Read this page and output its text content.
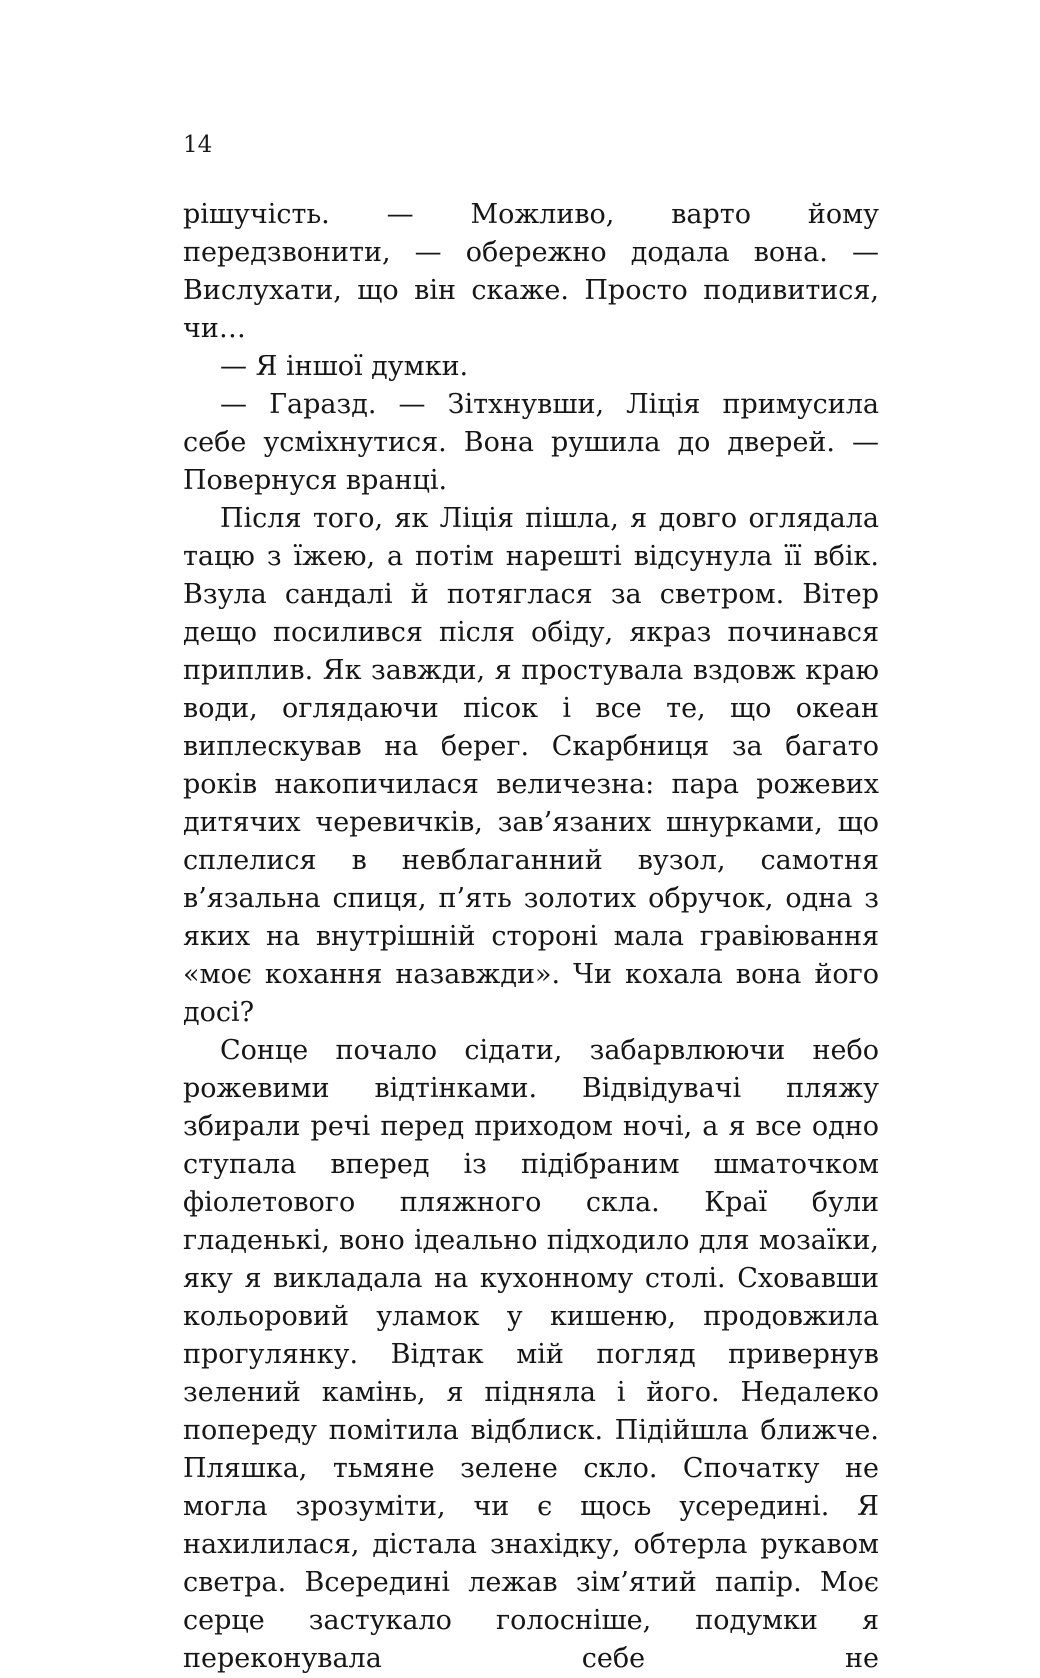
14

рішучість. — Можливо, варто йому передзвонити, — обережно додала вона. — Вислухати, що він скаже. Просто подивитися, чи…

— Я іншої думки.

— Гаразд. — Зітхнувши, Ліція примусила себе усміхнутися. Вона рушила до дверей. — Повернуся вранці.

Після того, як Ліція пішла, я довго оглядала тацю з їжею, а потім нарешті відсунула її вбік. Взула сандалі й потяглася за светром. Вітер дещо посилився після обіду, якраз починався приплив. Як завжди, я простувала вздовж краю води, оглядаючи пісок і все те, що океан виплескував на берег. Скарбниця за багато років накопичилася величезна: пара рожевих дитячих черевичків, зав’язаних шнурками, що сплелися в невблаганний вузол, самотня в’язальна спиця, п’ять золотих обручок, одна з яких на внутрішній стороні мала гравіювання «моє кохання назавжди». Чи кохала вона його досі?

Сонце почало сідати, забарвлюючи небо рожевими відтінками. Відвідувачі пляжу збирали речі перед приходом ночі, а я все одно ступала вперед із підібраним шматочком фіолетового пляжного скла. Краї були гладенькі, воно ідеально підходило для мозаїки, яку я викладала на кухонному столі. Сховавши кольоровий уламок у кишеню, продовжила прогулянку. Відтак мій погляд привернув зелений камінь, я підняла і його. Недалеко попереду помітила відблиск. Підійшла ближче. Пляшка, тьмяне зелене скло. Спочатку не могла зрозуміти, чи є щось усередині. Я нахилилася, дістала знахідку, обтерла рукавом светра. Всередині лежав зім’ятий папір. Моє серце застукало голосніше, подумки я переконувала себе не
